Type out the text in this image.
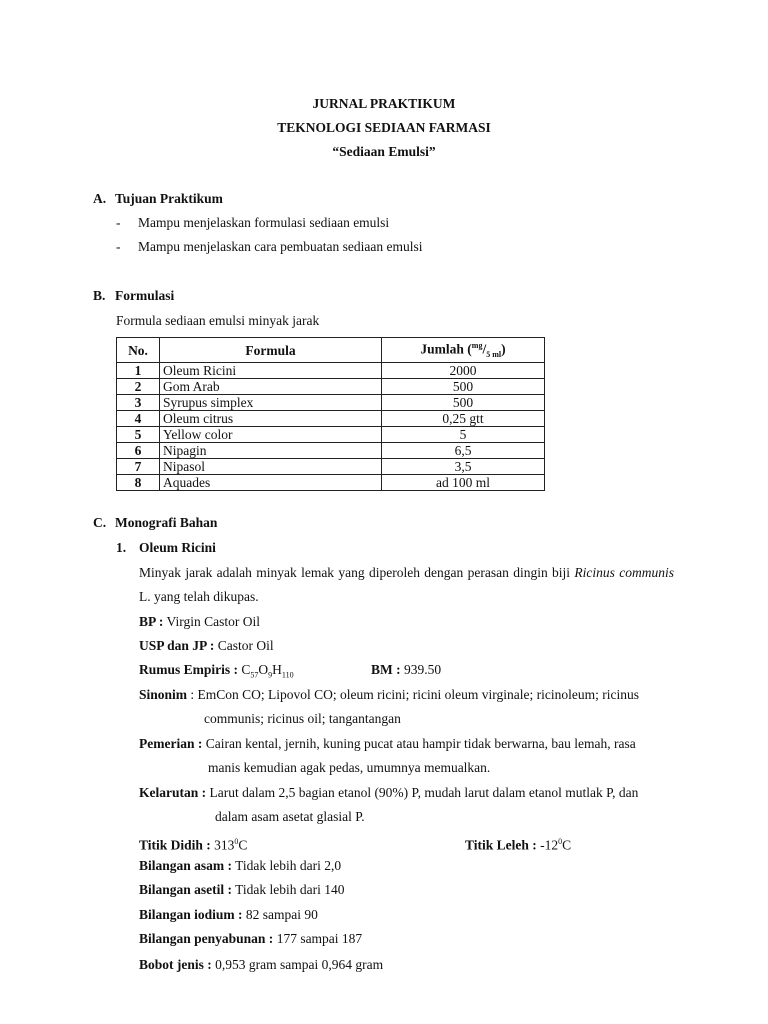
JURNAL PRAKTIKUM
TEKNOLOGI SEDIAAN FARMASI
“Sediaan Emulsi”
A. Tujuan Praktikum
- Mampu menjelaskan formulasi sediaan emulsi
- Mampu menjelaskan cara pembuatan sediaan emulsi
B. Formulasi
Formula sediaan emulsi minyak jarak
No.	Formula	Jumlah $(^{mg}/_{5 ml})$
1	Oleum Ricini	2000
2	Gom Arab	500
3	Syrupus simplex	500
4	Oleum citrus	0,25 gtt
5	Yellow color	5
6	Nipagin	6,5
7	Nipasol	3,5
8	Aquades	ad 100 ml
C. Monografi Bahan
1. Oleum Ricini
Minyak jarak adalah minyak lemak yang diperoleh dengan perasan dingin biji Ricinus communis L. yang telah dikupas.
BP : Virgin Castor Oil
USP dan JP : Castor Oil
Rumus Empiris : $C_{57}O_9H_{110}$	BM : 939.50
Sinonim : EmCon CO; Lipovol CO; oleum ricini; ricini oleum virginale; ricinoleum; ricinus
communis; ricinus oil; tangantangan
Pemerian : Cairan kental, jernih, kuning pucat atau hampir tidak berwarna, bau lemah, rasa
manis kemudian agak pedas, umumnya memualkan.
Kelarutan : Larut dalam 2,5 bagian etanol (90%) P, mudah larut dalam etanol mutlak P, dan
dalam asam asetat glasial P.
Titik Didih : $313^0C$	Titik Leleh : $-12^0C$
Bilangan asam : Tidak lebih dari 2,0
Bilangan asetil : Tidak lebih dari 140
Bilangan iodium : 82 sampai 90
Bilangan penyabunan : 177 sampai 187
Bobot jenis : 0,953 gram sampai 0,964 gram
